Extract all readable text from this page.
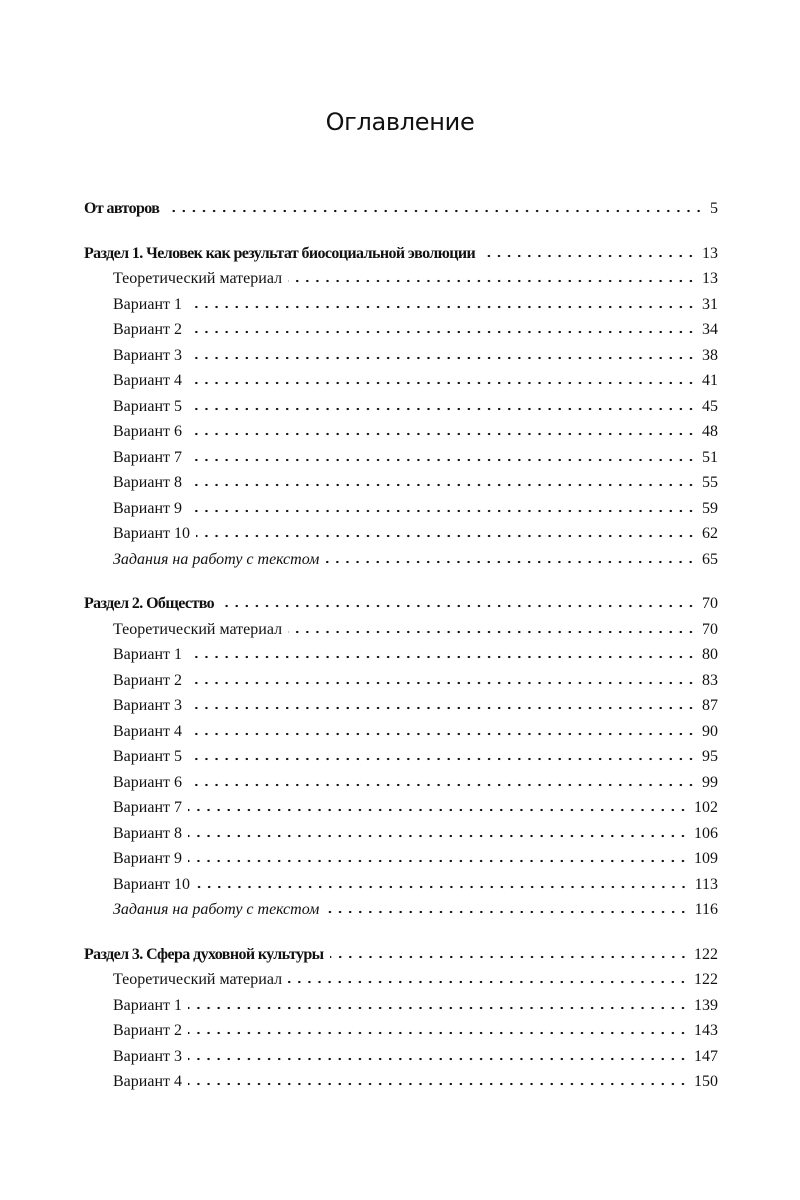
Оглавление
От авторов	5
Раздел 1. Человек как результат биосоциальной эволюции	13
Теоретический материал	13
Вариант 1	31
Вариант 2	34
Вариант 3	38
Вариант 4	41
Вариант 5	45
Вариант 6	48
Вариант 7	51
Вариант 8	55
Вариант 9	59
Вариант 10	62
Задания на работу с текстом	65
Раздел 2. Общество	70
Теоретический материал	70
Вариант 1	80
Вариант 2	83
Вариант 3	87
Вариант 4	90
Вариант 5	95
Вариант 6	99
Вариант 7	102
Вариант 8	106
Вариант 9	109
Вариант 10	113
Задания на работу с текстом	116
Раздел 3. Сфера духовной культуры	122
Теоретический материал	122
Вариант 1	139
Вариант 2	143
Вариант 3	147
Вариант 4	150
